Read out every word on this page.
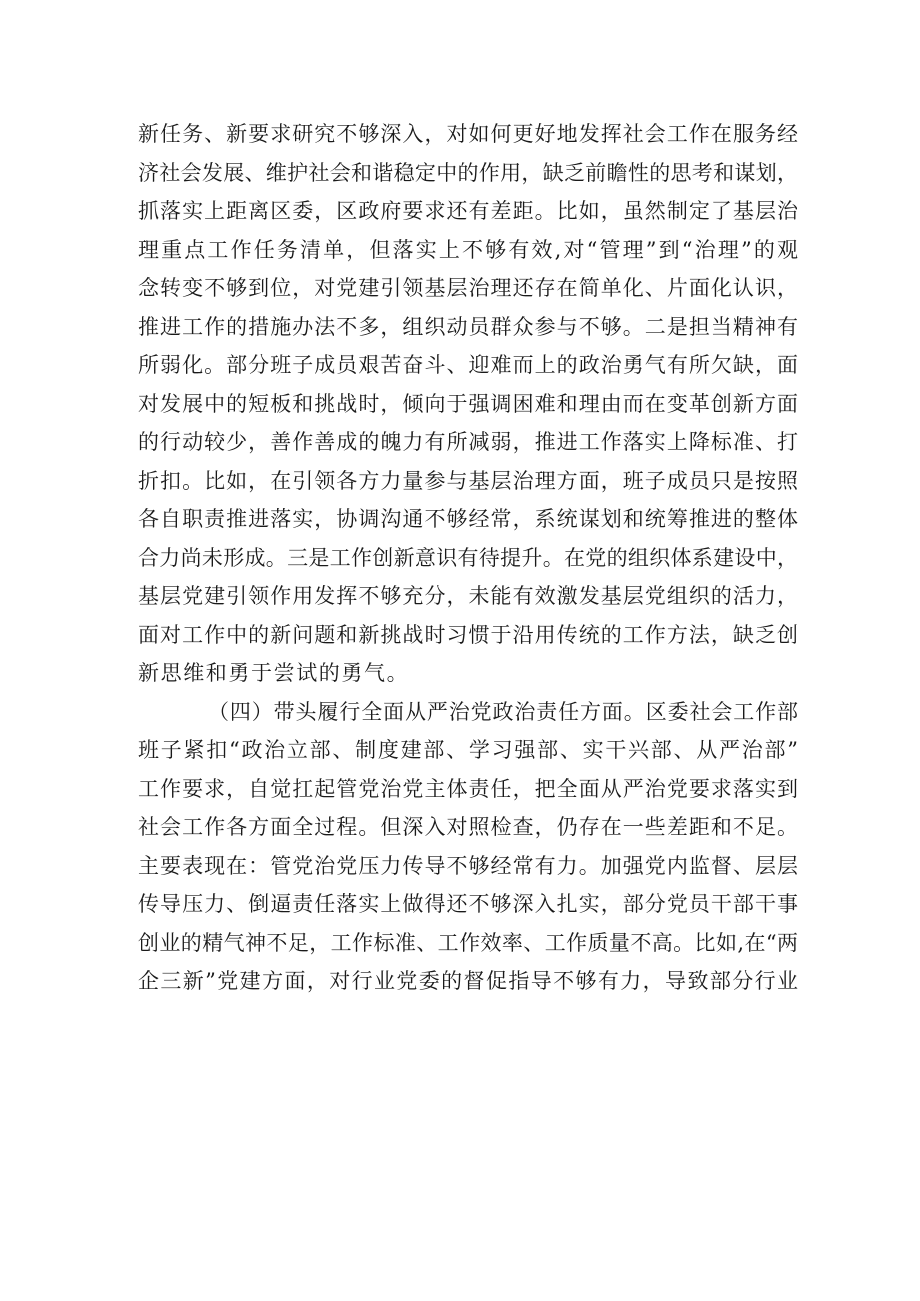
新任务、新要求研究不够深入，对如何更好地发挥社会工作在服务经
济社会发展、维护社会和谐稳定中的作用，缺乏前瞻性的思考和谋划，
抓落实上距离区委，区政府要求还有差距。比如，虽然制定了基层治
理重点工作任务清单，但落实上不够有效,对“管理”到“治理”的观
念转变不够到位，对党建引领基层治理还存在简单化、片面化认识，
推进工作的措施办法不多，组织动员群众参与不够。二是担当精神有
所弱化。部分班子成员艰苦奋斗、迎难而上的政治勇气有所欠缺，面
对发展中的短板和挑战时，倾向于强调困难和理由而在变革创新方面
的行动较少，善作善成的魄力有所减弱，推进工作落实上降标准、打
折扣。比如，在引领各方力量参与基层治理方面，班子成员只是按照
各自职责推进落实，协调沟通不够经常，系统谋划和统筹推进的整体
合力尚未形成。三是工作创新意识有待提升。在党的组织体系建设中，
基层党建引领作用发挥不够充分，未能有效激发基层党组织的活力，
面对工作中的新问题和新挑战时习惯于沿用传统的工作方法，缺乏创
新思维和勇于尝试的勇气。
（四）带头履行全面从严治党政治责任方面。区委社会工作部
班子紧扣“政治立部、制度建部、学习强部、实干兴部、从严治部”
工作要求，自觉扛起管党治党主体责任，把全面从严治党要求落实到
社会工作各方面全过程。但深入对照检查，仍存在一些差距和不足。
主要表现在：管党治党压力传导不够经常有力。加强党内监督、层层
传导压力、倒逼责任落实上做得还不够深入扎实，部分党员干部干事
创业的精气神不足，工作标准、工作效率、工作质量不高。比如,在“两
企三新”党建方面，对行业党委的督促指导不够有力，导致部分行业
